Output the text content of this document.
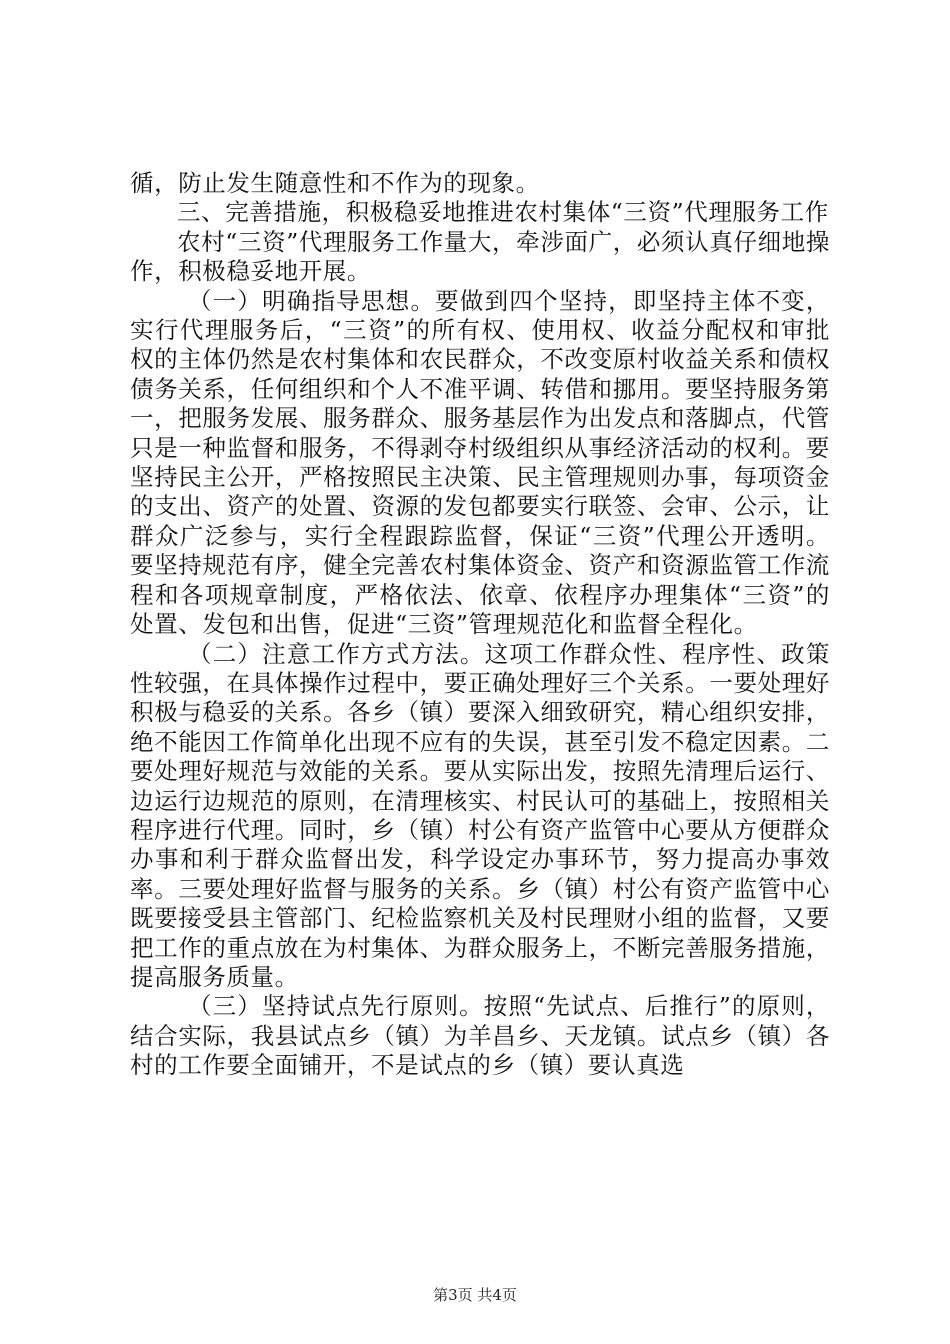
循，防止发生随意性和不作为的现象。

三、完善措施，积极稳妥地推进农村集体“三资”代理服务工作

农村“三资”代理服务工作量大，牵涉面广，必须认真仔细地操作，积极稳妥地开展。

（一）明确指导思想。要做到四个坚持，即坚持主体不变，实行代理服务后，“三资”的所有权、使用权、收益分配权和审批权的主体仍然是农村集体和农民群众，不改变原村收益关系和债权债务关系，任何组织和个人不准平调、转借和挪用。要坚持服务第一，把服务发展、服务群众、服务基层作为出发点和落脚点，代管只是一种监督和服务，不得剥夺村级组织从事经济活动的权利。要坚持民主公开，严格按照民主决策、民主管理规则办事，每项资金的支出、资产的处置、资源的发包都要实行联签、会审、公示，让群众广泛参与，实行全程跟踪监督，保证“三资”代理公开透明。要坚持规范有序，健全完善农村集体资金、资产和资源监管工作流程和各项规章制度，严格依法、依章、依程序办理集体“三资”的处置、发包和出售，促进“三资”管理规范化和监督全程化。

（二）注意工作方式方法。这项工作群众性、程序性、政策性较强，在具体操作过程中，要正确处理好三个关系。一要处理好积极与稳妥的关系。各乡（镇）要深入细致研究，精心组织安排，绝不能因工作简单化出现不应有的失误，甚至引发不稳定因素。二要处理好规范与效能的关系。要从实际出发，按照先清理后运行、边运行边规范的原则，在清理核实、村民认可的基础上，按照相关程序进行代理。同时，乡（镇）村公有资产监管中心要从方便群众办事和利于群众监督出发，科学设定办事环节，努力提高办事效率。三要处理好监督与服务的关系。乡（镇）村公有资产监管中心既要接受县主管部门、纪检监察机关及村民理财小组的监督，又要把工作的重点放在为村集体、为群众服务上，不断完善服务措施，提高服务质量。

（三）坚持试点先行原则。按照“先试点、后推行”的原则，结合实际，我县试点乡（镇）为羊昌乡、天龙镇。试点乡（镇）各村的工作要全面铺开，不是试点的乡（镇）要认真选

第3页 共4页
